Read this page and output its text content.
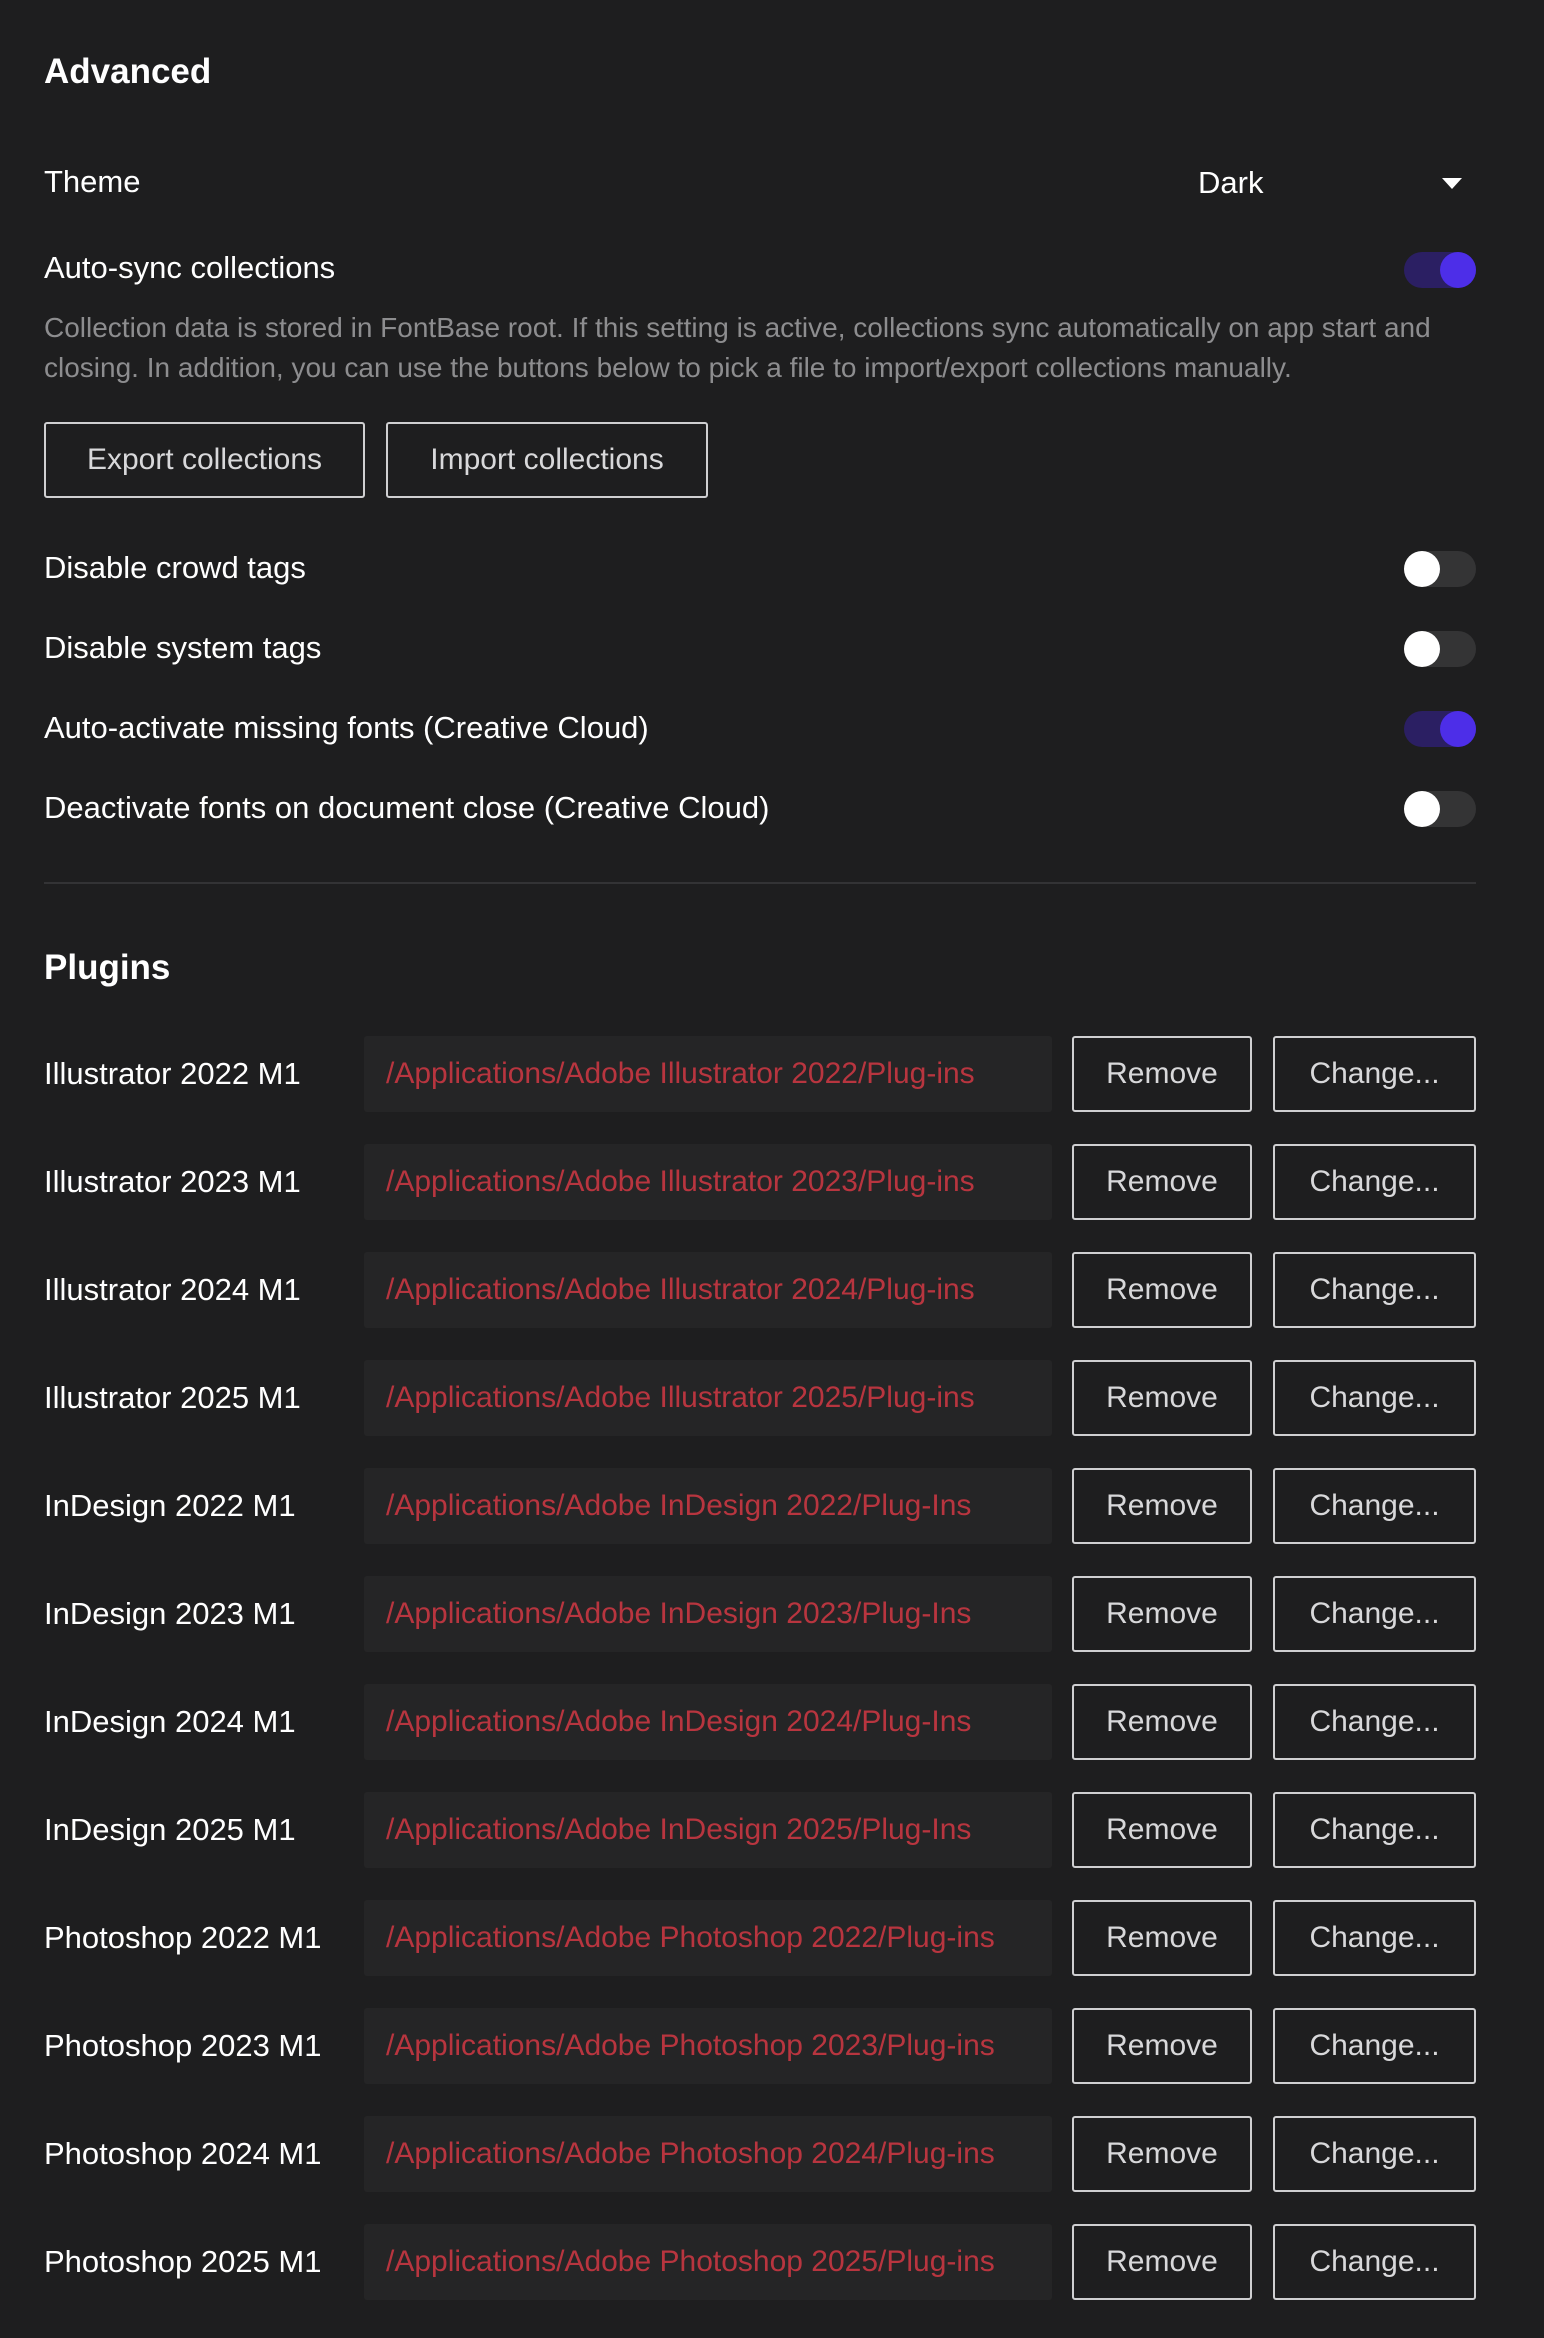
Advanced
Theme	Dark
Auto-sync collections
Collection data is stored in FontBase root. If this setting is active, collections sync automatically on app start and closing. In addition, you can use the buttons below to pick a file to import/export collections manually.
Export collections	Import collections
Disable crowd tags
Disable system tags
Auto-activate missing fonts (Creative Cloud)
Deactivate fonts on document close (Creative Cloud)
Plugins
Illustrator 2022 M1	/Applications/Adobe Illustrator 2022/Plug-ins	Remove	Change...
Illustrator 2023 M1	/Applications/Adobe Illustrator 2023/Plug-ins	Remove	Change...
Illustrator 2024 M1	/Applications/Adobe Illustrator 2024/Plug-ins	Remove	Change...
Illustrator 2025 M1	/Applications/Adobe Illustrator 2025/Plug-ins	Remove	Change...
InDesign 2022 M1	/Applications/Adobe InDesign 2022/Plug-Ins	Remove	Change...
InDesign 2023 M1	/Applications/Adobe InDesign 2023/Plug-Ins	Remove	Change...
InDesign 2024 M1	/Applications/Adobe InDesign 2024/Plug-Ins	Remove	Change...
InDesign 2025 M1	/Applications/Adobe InDesign 2025/Plug-Ins	Remove	Change...
Photoshop 2022 M1	/Applications/Adobe Photoshop 2022/Plug-ins	Remove	Change...
Photoshop 2023 M1	/Applications/Adobe Photoshop 2023/Plug-ins	Remove	Change...
Photoshop 2024 M1	/Applications/Adobe Photoshop 2024/Plug-ins	Remove	Change...
Photoshop 2025 M1	/Applications/Adobe Photoshop 2025/Plug-ins	Remove	Change...
